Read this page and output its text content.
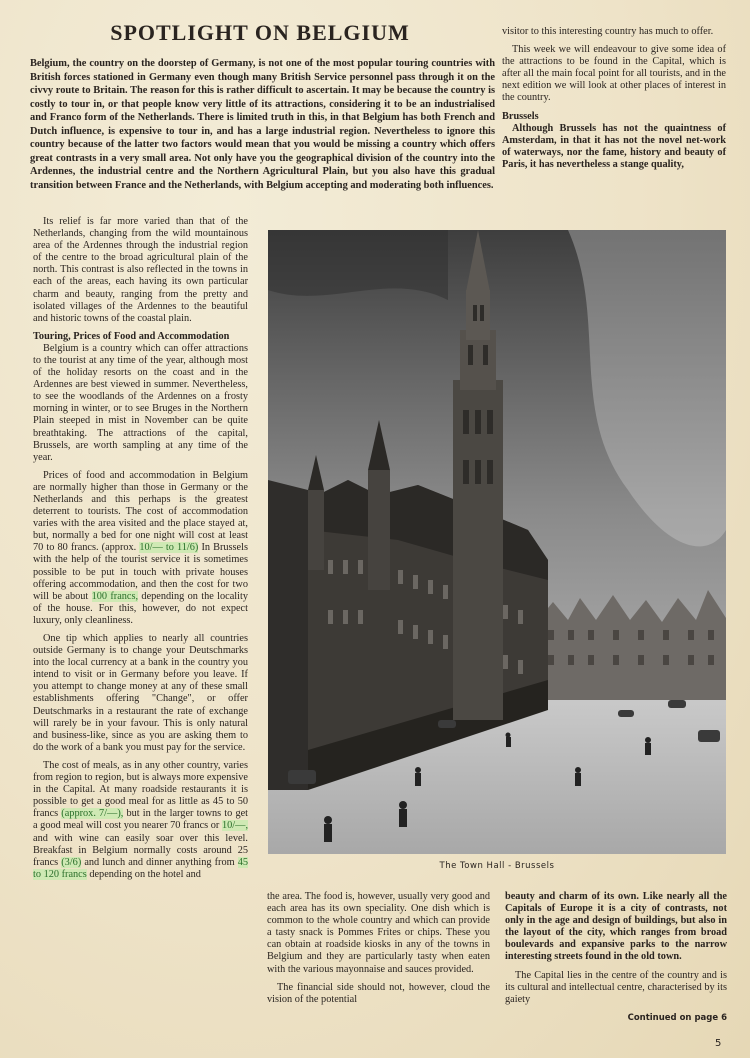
SPOTLIGHT ON BELGIUM

Belgium, the country on the doorstep of Germany, is not one of the most popular touring countries with British forces stationed in Germany even though many British Service personnel pass through it on the civvy route to Britain. The reason for this is rather difficult to ascertain. It may be because the country is costly to tour in, or that people know very little of its attractions, considering it to be an industrialised and Franco form of the Netherlands. There is limited truth in this, in that Belgium has both French and Dutch influence, is expensive to tour in, and has a large industrial region. Nevertheless to ignore this country because of the latter two factors would mean that you would be missing a country which offers great contrasts in a very small area. Not only have you the geographical division of the country into the Ardennes, the industrial centre and the Northern Agricultural Plain, but you also have this gradual transition between France and the Netherlands, with Belgium accepting and moderating both influences.

visitor to this interesting country has much to offer.

This week we will endeavour to give some idea of the attractions to be found in the Capital, which is after all the main focal point for all tourists, and in the next edition we will look at other places of interest in the country.

Brussels

Although Brussels has not the quaintness of Amsterdam, in that it has not the novel net-work of waterways, nor the fame, history and beauty of Paris, it has nevertheless a stange quality,

Its relief is far more varied than that of the Netherlands, changing from the wild mountainous area of the Ardennes through the industrial region of the centre to the broad agricultural plain of the north. This contrast is also reflected in the towns in each of the areas, each having its own particular charm and beauty, ranging from the pretty and isolated villages of the Ardennes to the beautiful and historic towns of the coastal plain.

Touring, Prices of Food and Accommodation

Belgium is a country which can offer attractions to the tourist at any time of the year, although most of the holiday resorts on the coast and in the Ardennes are best viewed in summer. Nevertheless, to see the woodlands of the Ardennes on a frosty morning in winter, or to see Bruges in the Northern Plain steeped in mist in November can be quite breathtaking. The attractions of the capital, Brussels, are worth sampling at any time of the year.

Prices of food and accommodation in Belgium are normally higher than those in Germany or the Netherlands and this perhaps is the greatest deterrent to tourists. The cost of accommodation varies with the area visited and the place stayed at, but, normally a bed for one night will cost at least 70 to 80 francs. (approx. 10/— to 11/6) In Brussels with the help of the tourist service it is sometimes possible to be put in touch with private houses offering accommodation, and then the cost for two will be about 100 francs, depending on the locality of the house. For this, however, do not expect luxury, only cleanliness.

One tip which applies to nearly all countries outside Germany is to change your Deutschmarks into the local currency at a bank in the country you intend to visit or in Germany before you leave. If you attempt to change money at any of these small establishments offering "Change", or offer Deutschmarks in a restaurant the rate of exchange will rarely be in your favour. This is only natural and business-like, since as you are asking them to do the work of a bank you must pay for the service.

The cost of meals, as in any other country, varies from region to region, but is always more expensive in the Capital. At many roadside restaurants it is possible to get a good meal for as little as 45 to 50 francs (approx. 7/—), but in the larger towns to get a good meal will cost you nearer 70 francs or 10/—, and with wine can easily soar over this level. Breakfast in Belgium normally costs around 25 francs (3/6) and lunch and dinner anything from 45 to 120 francs depending on the hotel and

The Town Hall - Brussels

the area. The food is, however, usually very good and each area has its own speciality. One dish which is common to the whole country and which can provide a tasty snack is Pommes Frites or chips. These you can obtain at roadside kiosks in any of the towns in Belgium and they are particularly tasty when eaten with the various mayonnaise and sauces provided.

The financial side should not, however, cloud the vision of the potential

beauty and charm of its own. Like nearly all the Capitals of Europe it is a city of contrasts, not only in the age and design of buildings, but also in the layout of the city, which ranges from broad boulevards and expansive parks to the narrow interesting streets found in the old town.

The Capital lies in the centre of the country and is its cultural and intellectual centre, characterised by its gaiety

Continued on page 6
5
